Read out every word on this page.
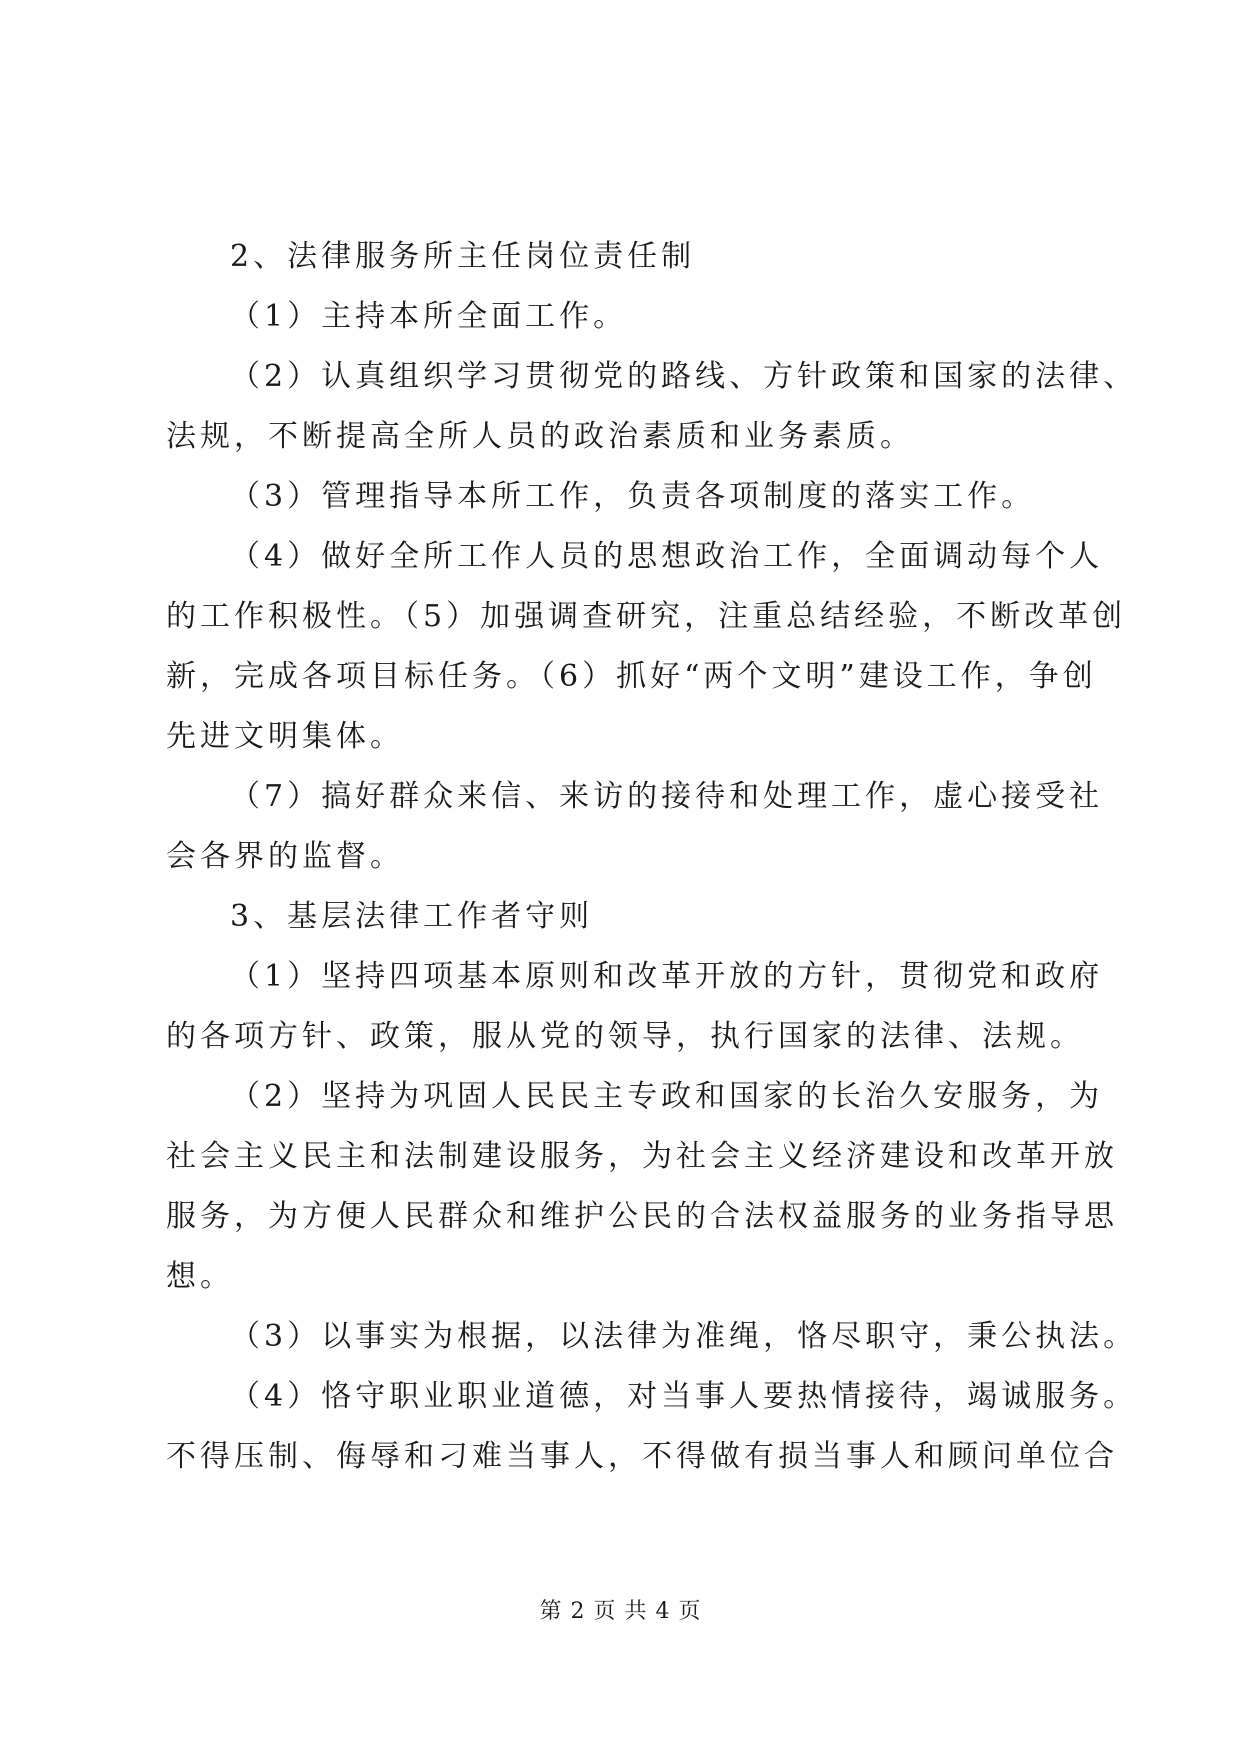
2、法律服务所主任岗位责任制

（1）主持本所全面工作。

（2）认真组织学习贯彻党的路线、方针政策和国家的法律、

法规，不断提高全所人员的政治素质和业务素质。

（3）管理指导本所工作，负责各项制度的落实工作。

（4）做好全所工作人员的思想政治工作，全面调动每个人

的工作积极性。（5）加强调查研究，注重总结经验，不断改革创

新，完成各项目标任务。（6）抓好“两个文明”建设工作，争创

先进文明集体。

（7）搞好群众来信、来访的接待和处理工作，虚心接受社

会各界的监督。

3、基层法律工作者守则

（1）坚持四项基本原则和改革开放的方针，贯彻党和政府

的各项方针、政策，服从党的领导，执行国家的法律、法规。

（2）坚持为巩固人民民主专政和国家的长治久安服务，为

社会主义民主和法制建设服务，为社会主义经济建设和改革开放

服务，为方便人民群众和维护公民的合法权益服务的业务指导思

想。

（3）以事实为根据，以法律为准绳，恪尽职守，秉公执法。

（4）恪守职业职业道德，对当事人要热情接待，竭诚服务。

不得压制、侮辱和刁难当事人，不得做有损当事人和顾问单位合

第 2 页 共 4 页
